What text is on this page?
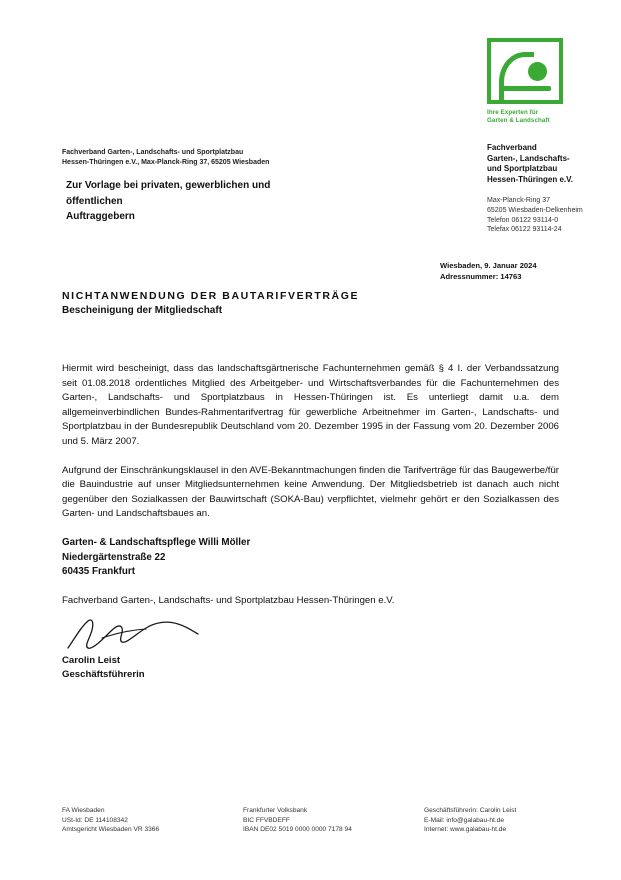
Ihre Experten für
Garten & Landschaft
Fachverband
Garten-, Landschafts-
und Sportplatzbau
Hessen-Thüringen e.V.
Max-Planck-Ring 37
65205 Wiesbaden-Delkenheim
Telefon 06122 93114-0
Telefax 06122 93114-24
Fachverband Garten-, Landschafts- und Sportplatzbau
Hessen-Thüringen e.V., Max-Planck-Ring 37, 65205 Wiesbaden
Zur Vorlage bei privaten, gewerblichen und
öffentlichen
Auftraggebern
Wiesbaden, 9. Januar 2024
Adressnummer: 14763
NICHTANWENDUNG DER BAUTARIFVERTRÄGE
Bescheinigung der Mitgliedschaft

Hiermit wird bescheinigt, dass das landschaftsgärtnerische Fachunternehmen gemäß § 4 I. der Verbandssatzung seit 01.08.2018 ordentliches Mitglied des Arbeitgeber- und Wirtschaftsverbandes für die Fachunternehmen des Garten-, Landschafts- und Sportplatzbaus in Hessen-Thüringen ist. Es unterliegt damit u.a. dem allgemeinverbindlichen Bundes-Rahmentarifvertrag für gewerbliche Arbeitnehmer im Garten-, Landschafts- und Sportplatzbau in der Bundesrepublik Deutschland vom 20. Dezember 1995 in der Fassung vom 20. Dezember 2006 und 5. März 2007.

Aufgrund der Einschränkungsklausel in den AVE-Bekanntmachungen finden die Tarifverträge für das Baugewerbe/für die Bauindustrie auf unser Mitgliedsunternehmen keine Anwendung. Der Mitgliedsbetrieb ist danach auch nicht gegenüber den Sozialkassen der Bauwirtschaft (SOKA-Bau) verpflichtet, vielmehr gehört er den Sozialkassen des Garten- und Landschaftsbaues an.

Garten- & Landschaftspflege Willi Möller
Niedergärtenstraße 22
60435 Frankfurt

Fachverband Garten-, Landschafts- und Sportplatzbau Hessen-Thüringen e.V.

Carolin Leist
Geschäftsführerin
FA Wiesbaden
USt-Id: DE 114108342
Amtsgericht Wiesbaden VR 3366
Frankfurter Volksbank
BIC FFVBDEFF
IBAN DE02 5019 0000 0000 7178 94
Geschäftsführerin: Carolin Leist
E-Mail: info@galabau-ht.de
Internet: www.galabau-ht.de
